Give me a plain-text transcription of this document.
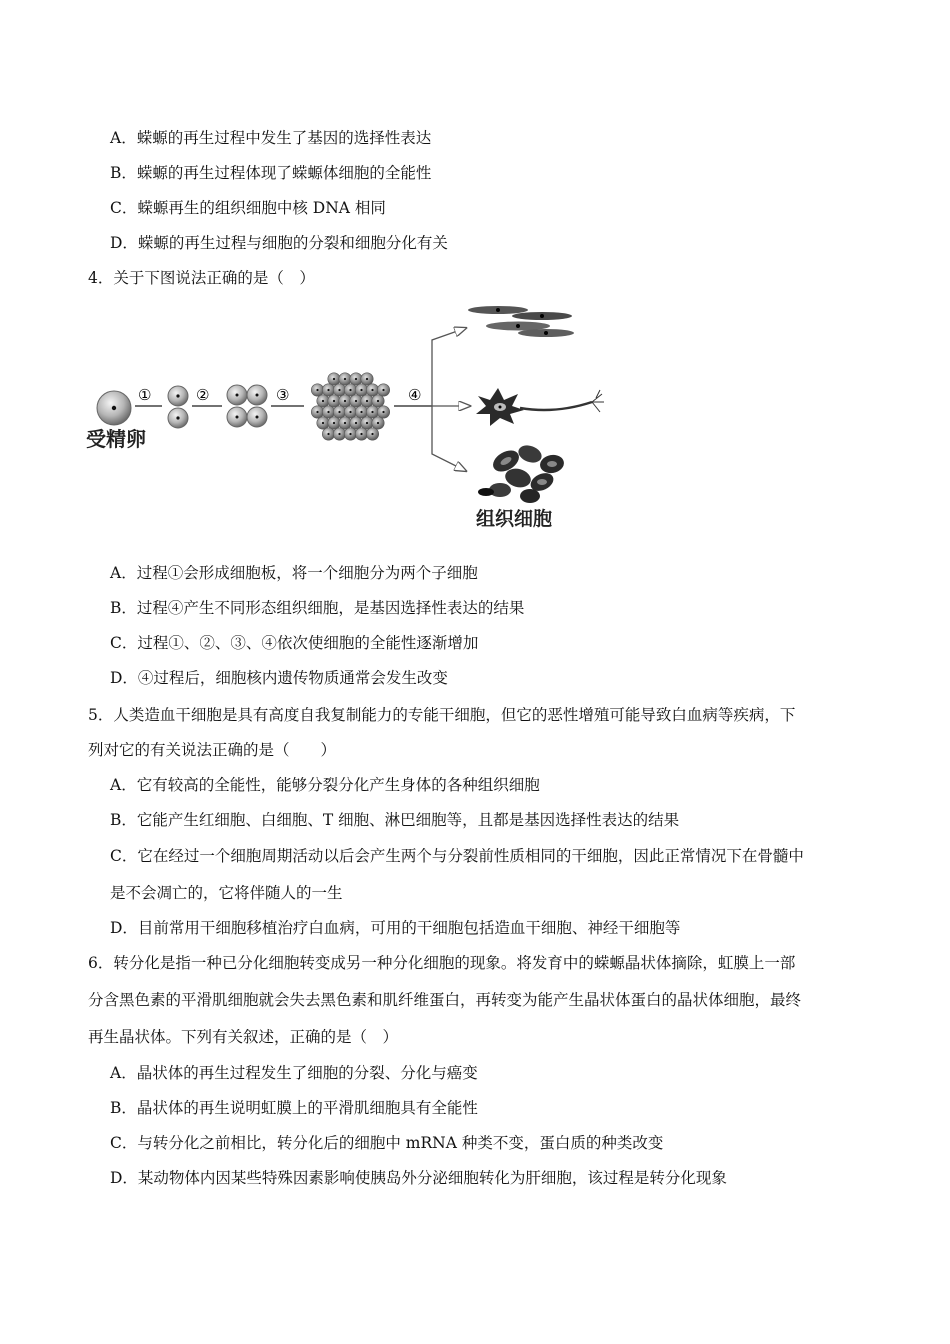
A．蝾螈的再生过程中发生了基因的选择性表达
B．蝾螈的再生过程体现了蝾螈体细胞的全能性
C．蝾螈再生的组织细胞中核 DNA 相同
D．蝾螈的再生过程与细胞的分裂和细胞分化有关
4．关于下图说法正确的是（　）
①	②	③	④
受精卵
组织细胞
A．过程①会形成细胞板，将一个细胞分为两个子细胞
B．过程④产生不同形态组织细胞，是基因选择性表达的结果
C．过程①、②、③、④依次使细胞的全能性逐渐增加
D．④过程后，细胞核内遗传物质通常会发生改变
5．人类造血干细胞是具有高度自我复制能力的专能干细胞，但它的恶性增殖可能导致白血病等疾病，下
列对它的有关说法正确的是（　　）
A．它有较高的全能性，能够分裂分化产生身体的各种组织细胞
B．它能产生红细胞、白细胞、T 细胞、淋巴细胞等，且都是基因选择性表达的结果
C．它在经过一个细胞周期活动以后会产生两个与分裂前性质相同的干细胞，因此正常情况下在骨髓中
是不会凋亡的，它将伴随人的一生
D．目前常用干细胞移植治疗白血病，可用的干细胞包括造血干细胞、神经干细胞等
6．转分化是指一种已分化细胞转变成另一种分化细胞的现象。将发育中的蝾螈晶状体摘除，虹膜上一部
分含黑色素的平滑肌细胞就会失去黑色素和肌纤维蛋白，再转变为能产生晶状体蛋白的晶状体细胞，最终
再生晶状体。下列有关叙述，正确的是（　）
A．晶状体的再生过程发生了细胞的分裂、分化与癌变
B．晶状体的再生说明虹膜上的平滑肌细胞具有全能性
C．与转分化之前相比，转分化后的细胞中 mRNA 种类不变，蛋白质的种类改变
D．某动物体内因某些特殊因素影响使胰岛外分泌细胞转化为肝细胞，该过程是转分化现象
